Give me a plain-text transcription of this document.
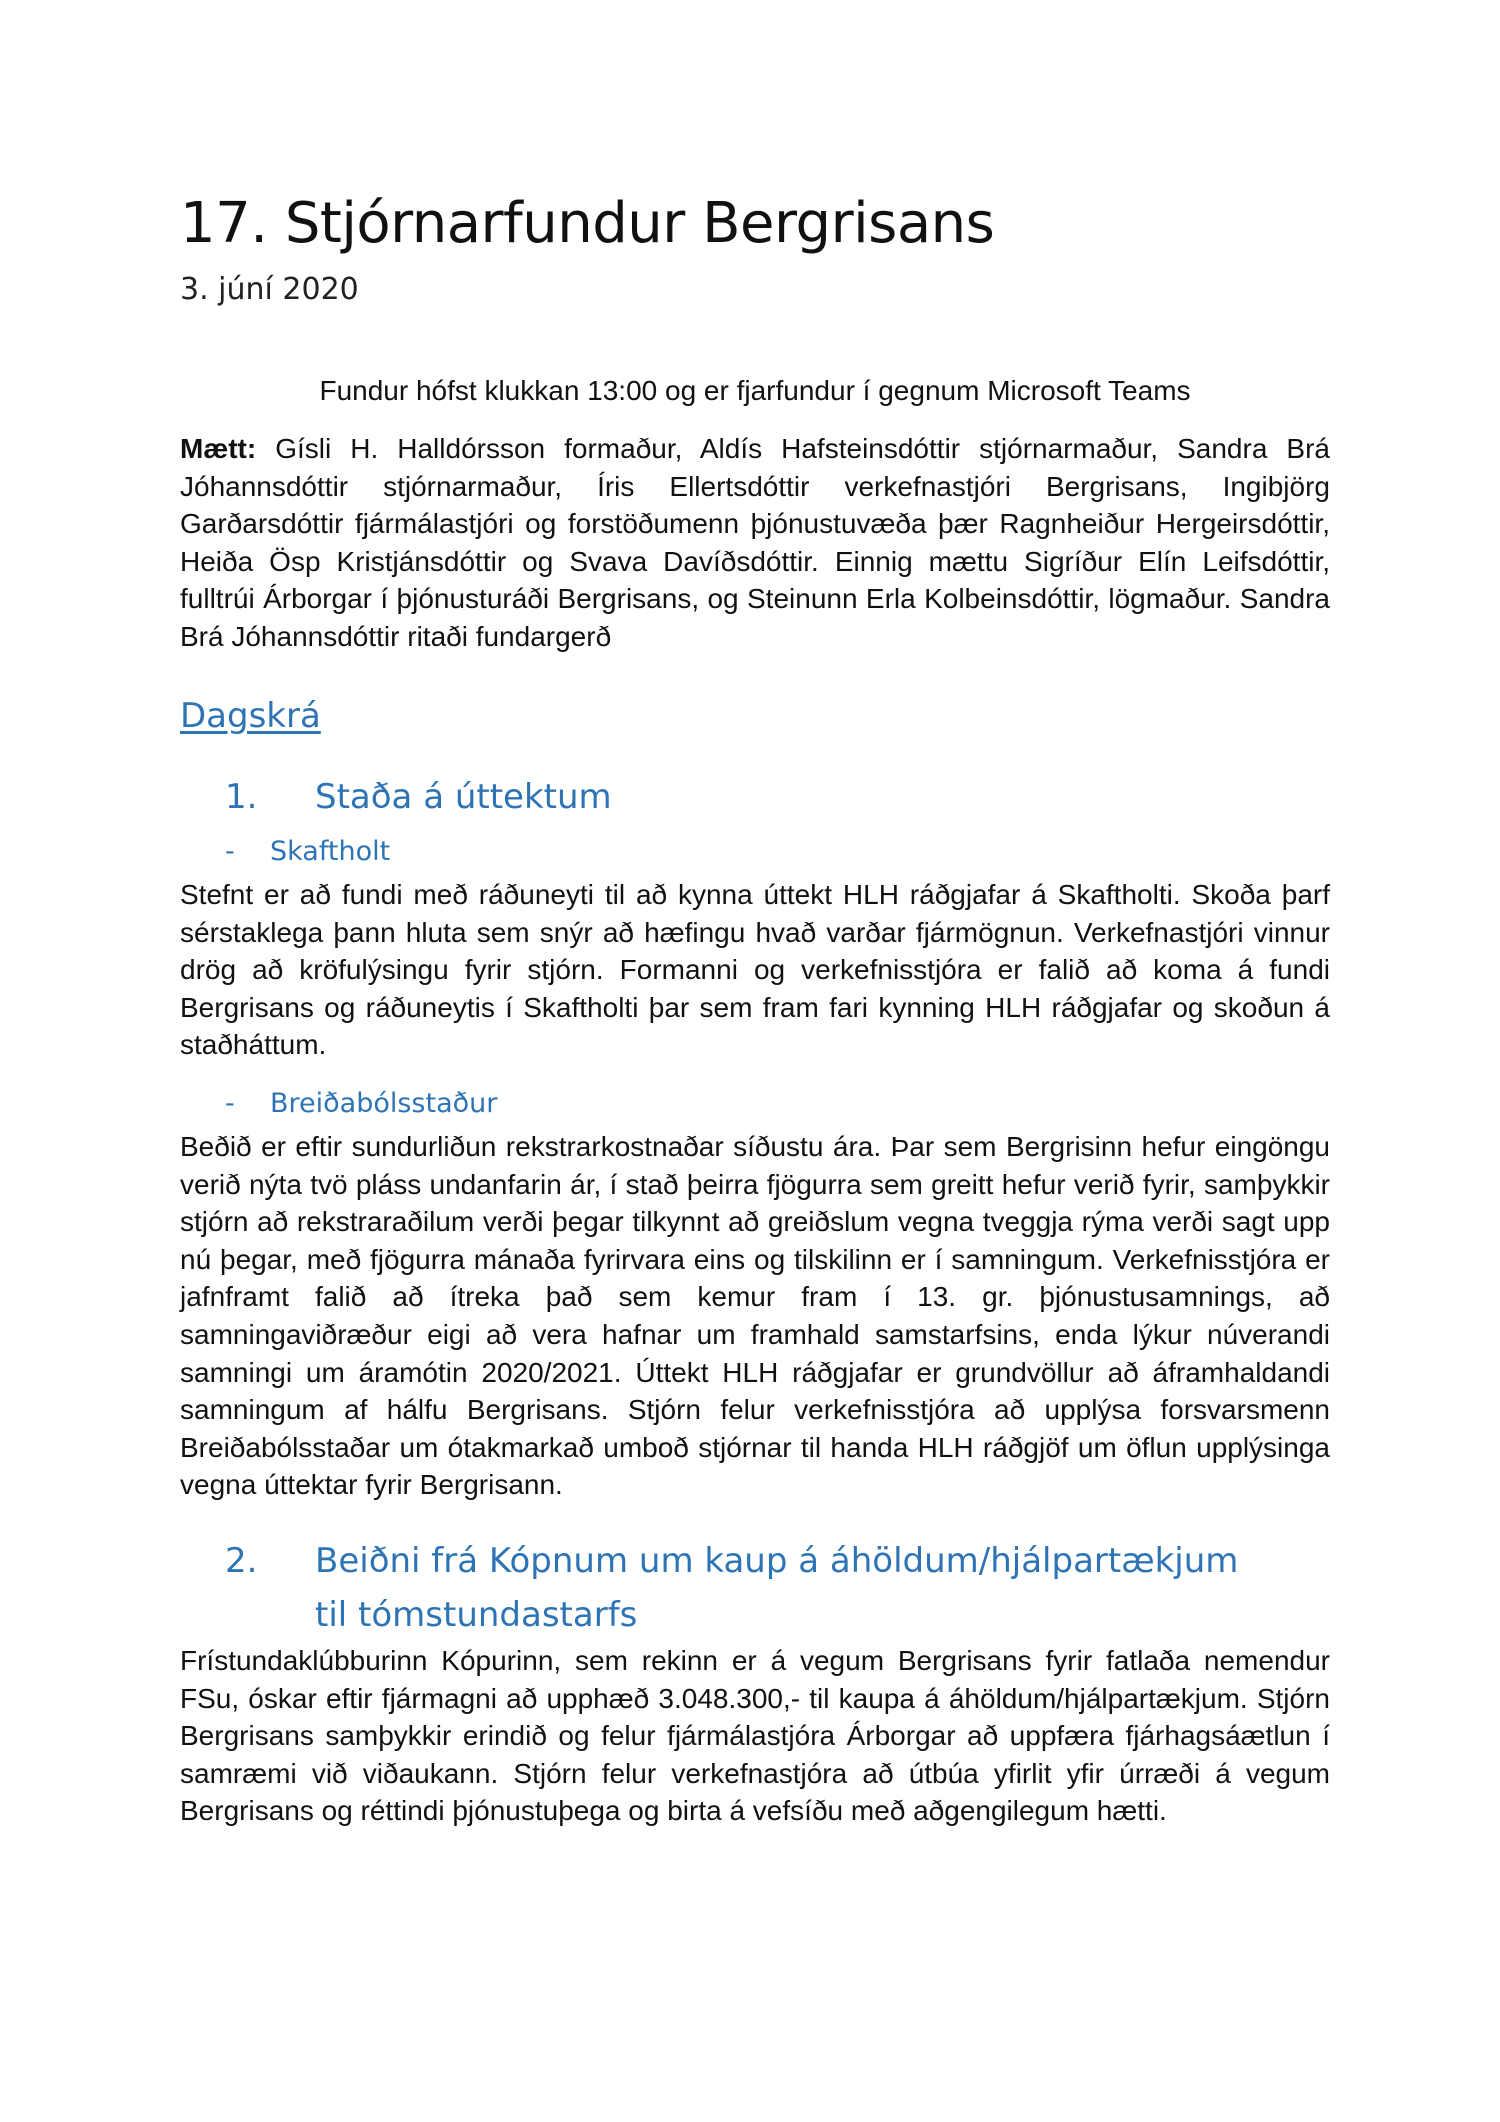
17. Stjórnarfundur Bergrisans
3. júní 2020
Fundur hófst klukkan 13:00 og er fjarfundur í gegnum Microsoft Teams

Mætt: Gísli H. Halldórsson formaður, Aldís Hafsteinsdóttir stjórnarmaður, Sandra Brá Jóhannsdóttir stjórnarmaður, Íris Ellertsdóttir verkefnastjóri Bergrisans, Ingibjörg Garðarsdóttir fjármálastjóri og forstöðumenn þjónustuvæða þær Ragnheiður Hergeirsdóttir, Heiða Ösp Kristjánsdóttir og Svava Davíðsdóttir. Einnig mættu Sigríður Elín Leifsdóttir, fulltrúi Árborgar í þjónusturáði Bergrisans, og Steinunn Erla Kolbeinsdóttir, lögmaður. Sandra Brá Jóhannsdóttir ritaði fundargerð

Dagskrá
1. Staða á úttektum
- Skaftholt

Stefnt er að fundi með ráðuneyti til að kynna úttekt HLH ráðgjafar á Skaftholti. Skoða þarf sérstaklega þann hluta sem snýr að hæfingu hvað varðar fjármögnun. Verkefnastjóri vinnur drög að kröfulýsingu fyrir stjórn. Formanni og verkefnisstjóra er falið að koma á fundi Bergrisans og ráðuneytis í Skaftholti þar sem fram fari kynning HLH ráðgjafar og skoðun á staðháttum.

- Breiðabólsstaður

Beðið er eftir sundurliðun rekstrarkostnaðar síðustu ára. Þar sem Bergrisinn hefur eingöngu verið nýta tvö pláss undanfarin ár, í stað þeirra fjögurra sem greitt hefur verið fyrir, samþykkir stjórn að rekstraraðilum verði þegar tilkynnt að greiðslum vegna tveggja rýma verði sagt upp nú þegar, með fjögurra mánaða fyrirvara eins og tilskilinn er í samningum. Verkefnisstjóra er jafnframt falið að ítreka það sem kemur fram í 13. gr. þjónustusamnings, að samningaviðræður eigi að vera hafnar um framhald samstarfsins, enda lýkur núverandi samningi um áramótin 2020/2021. Úttekt HLH ráðgjafar er grundvöllur að áframhaldandi samningum af hálfu Bergrisans. Stjórn felur verkefnisstjóra að upplýsa forsvarsmenn Breiðabólsstaðar um ótakmarkað umboð stjórnar til handa HLH ráðgjöf um öflun upplýsinga vegna úttektar fyrir Bergrisann.

2. Beiðni frá Kópnum um kaup á áhöldum/hjálpartækjum til tómstundastarfs

Frístundaklúbburinn Kópurinn, sem rekinn er á vegum Bergrisans fyrir fatlaða nemendur FSu, óskar eftir fjármagni að upphæð 3.048.300,- til kaupa á áhöldum/hjálpartækjum. Stjórn Bergrisans samþykkir erindið og felur fjármálastjóra Árborgar að uppfæra fjárhagsáætlun í samræmi við viðaukann. Stjórn felur verkefnastjóra að útbúa yfirlit yfir úrræði á vegum Bergrisans og réttindi þjónustuþega og birta á vefsíðu með aðgengilegum hætti.
